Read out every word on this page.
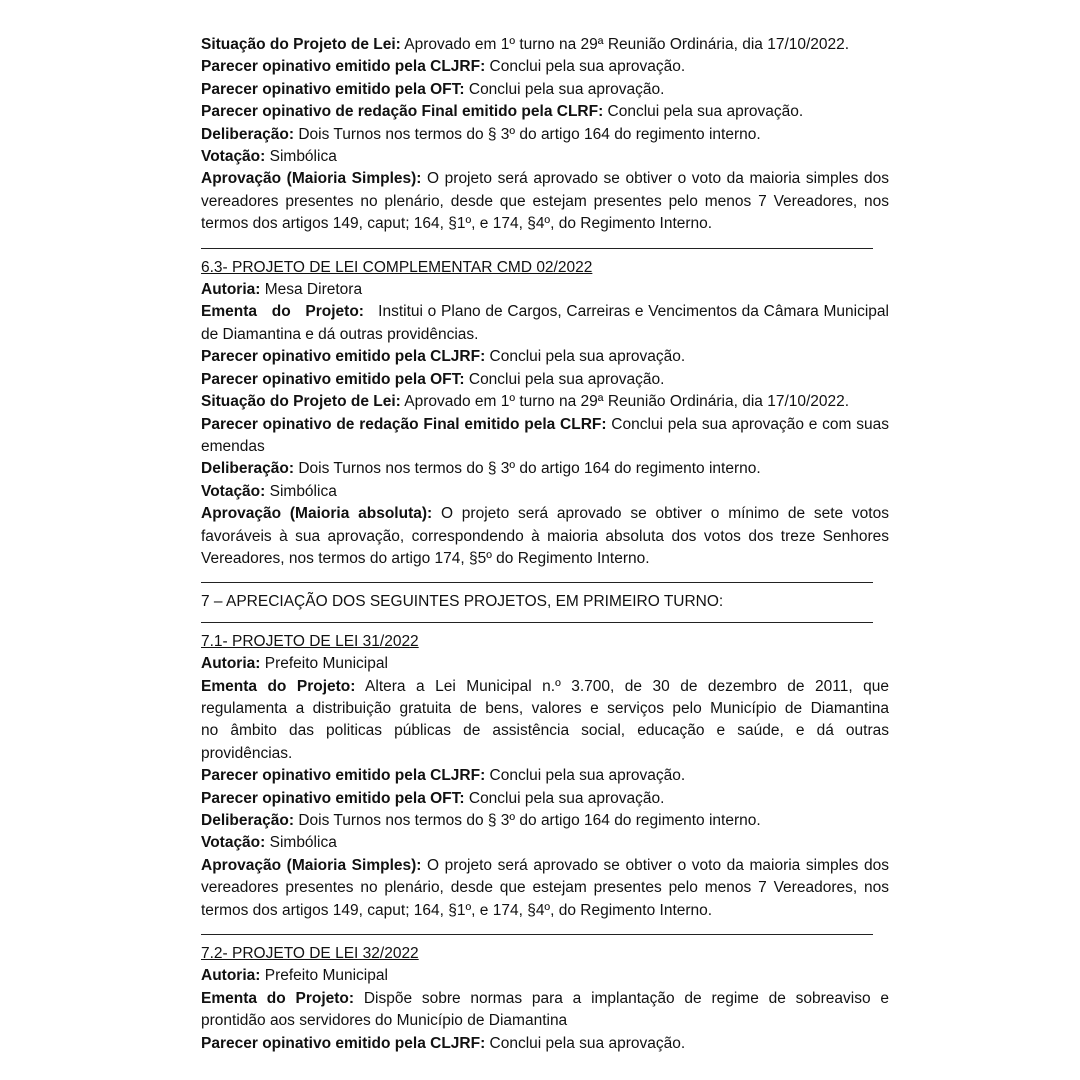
Situação do Projeto de Lei: Aprovado em 1º turno na 29ª Reunião Ordinária, dia 17/10/2022.

Parecer opinativo emitido pela CLJRF: Conclui pela sua aprovação.

Parecer opinativo emitido pela OFT: Conclui pela sua aprovação.

Parecer opinativo de redação Final emitido pela CLRF: Conclui pela sua aprovação.

Deliberação: Dois Turnos nos termos do § 3º do artigo 164 do regimento interno.

Votação: Simbólica

Aprovação (Maioria Simples): O projeto será aprovado se obtiver o voto da maioria simples dos

vereadores presentes no plenário, desde que estejam presentes pelo menos 7 Vereadores, nos

termos dos artigos 149, caput; 164, §1º, e 174, §4º, do Regimento Interno.

6.3- PROJETO DE LEI COMPLEMENTAR CMD 02/2022

Autoria: Mesa Diretora

Ementa do Projeto: Institui o Plano de Cargos, Carreiras e Vencimentos da Câmara Municipal

de Diamantina e dá outras providências.

Parecer opinativo emitido pela CLJRF: Conclui pela sua aprovação.

Parecer opinativo emitido pela OFT: Conclui pela sua aprovação.

Situação do Projeto de Lei: Aprovado em 1º turno na 29ª Reunião Ordinária, dia 17/10/2022.

Parecer opinativo de redação Final emitido pela CLRF: Conclui pela sua aprovação e com suas

emendas

Deliberação: Dois Turnos nos termos do § 3º do artigo 164 do regimento interno.

Votação: Simbólica

Aprovação (Maioria absoluta): O projeto será aprovado se obtiver o mínimo de sete votos

favoráveis à sua aprovação, correspondendo à maioria absoluta dos votos dos treze Senhores

Vereadores, nos termos do artigo 174, §5º do Regimento Interno.

7 – APRECIAÇÃO DOS SEGUINTES PROJETOS, EM PRIMEIRO TURNO:

7.1- PROJETO DE LEI 31/2022

Autoria: Prefeito Municipal

Ementa do Projeto: Altera a Lei Municipal n.º 3.700, de 30 de dezembro de 2011, que

regulamenta a distribuição gratuita de bens, valores e serviços pelo Município de Diamantina

no âmbito das politicas públicas de assistência social, educação e saúde, e dá outras

providências.

Parecer opinativo emitido pela CLJRF: Conclui pela sua aprovação.

Parecer opinativo emitido pela OFT: Conclui pela sua aprovação.

Deliberação: Dois Turnos nos termos do § 3º do artigo 164 do regimento interno.

Votação: Simbólica

Aprovação (Maioria Simples): O projeto será aprovado se obtiver o voto da maioria simples dos

vereadores presentes no plenário, desde que estejam presentes pelo menos 7 Vereadores, nos

termos dos artigos 149, caput; 164, §1º, e 174, §4º, do Regimento Interno.

7.2- PROJETO DE LEI 32/2022

Autoria: Prefeito Municipal

Ementa do Projeto: Dispõe sobre normas para a implantação de regime de sobreaviso e

prontidão aos servidores do Município de Diamantina

Parecer opinativo emitido pela CLJRF: Conclui pela sua aprovação.
